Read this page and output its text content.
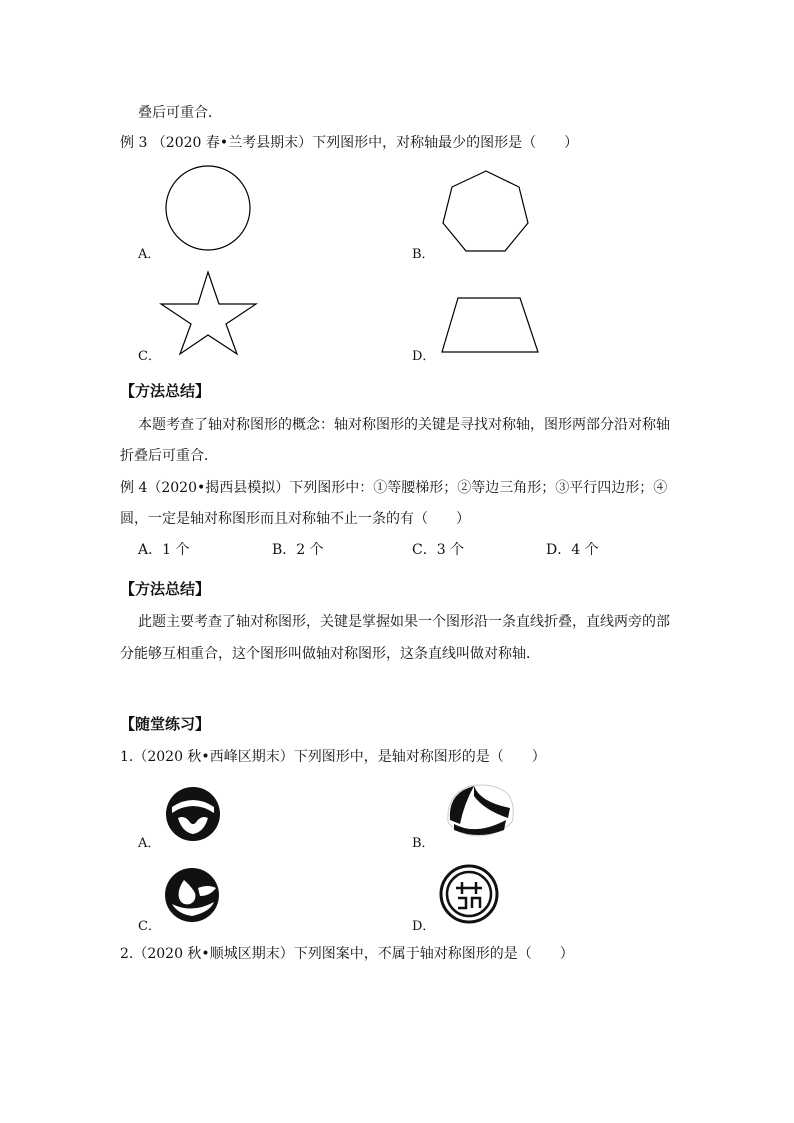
叠后可重合．
例 3 （2020 春•兰考县期末）下列图形中，对称轴最少的图形是（　　）
A．	B．
C．	D．
【方法总结】
本题考查了轴对称图形的概念：轴对称图形的关键是寻找对称轴，图形两部分沿对称轴
折叠后可重合．
例 4（2020•揭西县模拟）下列图形中：①等腰梯形；②等边三角形；③平行四边形；④
圆，一定是轴对称图形而且对称轴不止一条的有（　　）
A．1 个	B．2 个	C．3 个	D．4 个
【方法总结】
此题主要考查了轴对称图形，关键是掌握如果一个图形沿一条直线折叠，直线两旁的部
分能够互相重合，这个图形叫做轴对称图形，这条直线叫做对称轴．
【随堂练习】
1.（2020 秋•西峰区期末）下列图形中，是轴对称图形的是（　　）
A．
2020
B．
C．	D．
2.（2020 秋•顺城区期末）下列图案中，不属于轴对称图形的是（　　）
